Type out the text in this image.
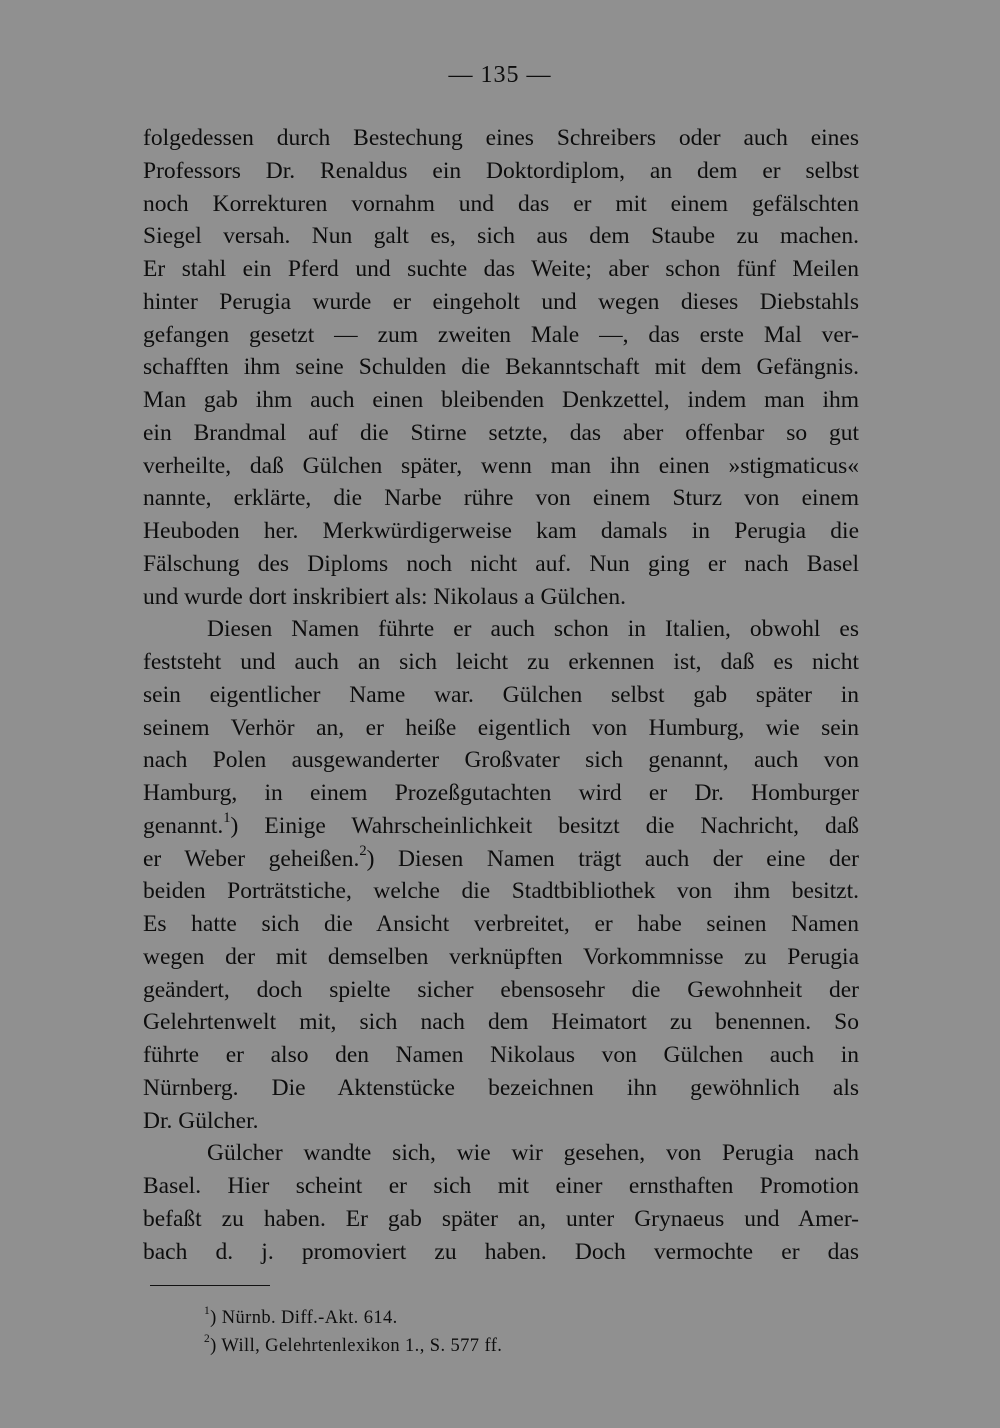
— 135 —
folgedessen durch Bestechung eines Schreibers oder auch eines
Professors Dr. Renaldus ein Doktordiplom, an dem er selbst
noch Korrekturen vornahm und das er mit einem gefälschten
Siegel versah. Nun galt es, sich aus dem Staube zu machen.
Er stahl ein Pferd und suchte das Weite; aber schon fünf Meilen
hinter Perugia wurde er eingeholt und wegen dieses Diebstahls
gefangen gesetzt — zum zweiten Male —, das erste Mal ver-
schafften ihm seine Schulden die Bekanntschaft mit dem Gefängnis.
Man gab ihm auch einen bleibenden Denkzettel, indem man ihm
ein Brandmal auf die Stirne setzte, das aber offenbar so gut
verheilte, daß Gülchen später, wenn man ihn einen »stigmaticus«
nannte, erklärte, die Narbe rühre von einem Sturz von einem
Heuboden her. Merkwürdigerweise kam damals in Perugia die
Fälschung des Diploms noch nicht auf. Nun ging er nach Basel
und wurde dort inskribiert als: Nikolaus a Gülchen.
Diesen Namen führte er auch schon in Italien, obwohl es
feststeht und auch an sich leicht zu erkennen ist, daß es nicht
sein eigentlicher Name war. Gülchen selbst gab später in
seinem Verhör an, er heiße eigentlich von Humburg, wie sein
nach Polen ausgewanderter Großvater sich genannt, auch von
Hamburg, in einem Prozeßgutachten wird er Dr. Homburger
genannt.$^1$) Einige Wahrscheinlichkeit besitzt die Nachricht, daß
er Weber geheißen.$^2$) Diesen Namen trägt auch der eine der
beiden Porträtstiche, welche die Stadtbibliothek von ihm besitzt.
Es hatte sich die Ansicht verbreitet, er habe seinen Namen
wegen der mit demselben verknüpften Vorkommnisse zu Perugia
geändert, doch spielte sicher ebensosehr die Gewohnheit der
Gelehrtenwelt mit, sich nach dem Heimatort zu benennen. So
führte er also den Namen Nikolaus von Gülchen auch in
Nürnberg. Die Aktenstücke bezeichnen ihn gewöhnlich als
Dr. Gülcher.
Gülcher wandte sich, wie wir gesehen, von Perugia nach
Basel. Hier scheint er sich mit einer ernsthaften Promotion
befaßt zu haben. Er gab später an, unter Grynaeus und Amer-
bach d. j. promoviert zu haben. Doch vermochte er das
$^1$) Nürnb. Diff.-Akt. 614.
$^2$) Will, Gelehrtenlexikon 1., S. 577 ff.
